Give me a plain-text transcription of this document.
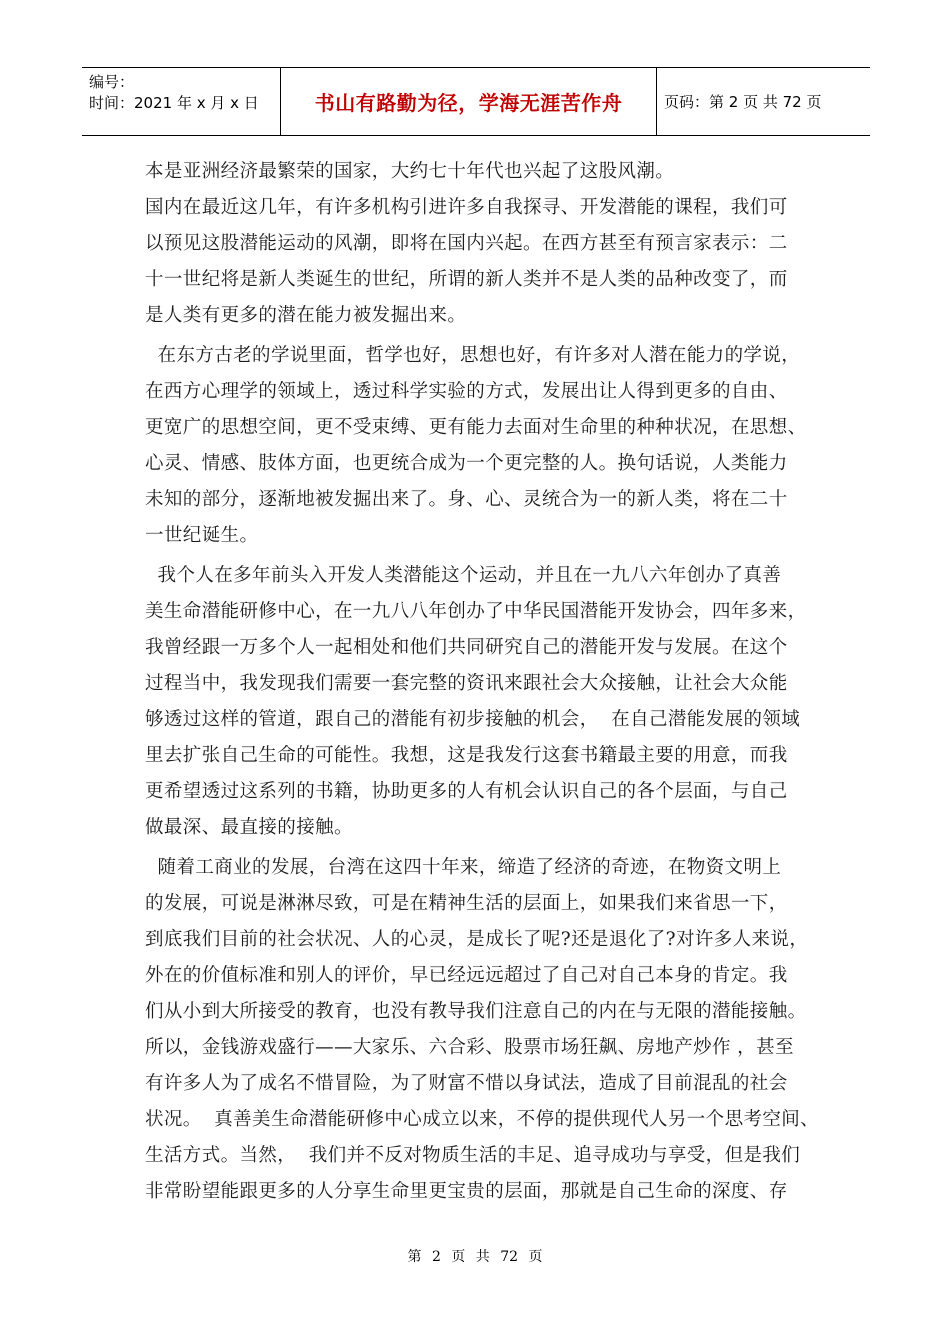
编号：
时间：2021 年 x 月 x 日	书山有路勤为径，学海无涯苦作舟	页码：第 2 页 共 72 页
本是亚洲经济最繁荣的国家，大约七十年代也兴起了这股风潮。
国内在最近这几年，有许多机构引进许多自我探寻、开发潜能的课程，我们可
以预见这股潜能运动的风潮，即将在国内兴起。在西方甚至有预言家表示：二
十一世纪将是新人类诞生的世纪，所谓的新人类并不是人类的品种改变了，而
是人类有更多的潜在能力被发掘出来。
在东方古老的学说里面，哲学也好，思想也好，有许多对人潜在能力的学说，
在西方心理学的领域上，透过科学实验的方式，发展出让人得到更多的自由、
更宽广的思想空间，更不受束缚、更有能力去面对生命里的种种状况，在思想、
心灵、情感、肢体方面，也更统合成为一个更完整的人。换句话说，人类能力
未知的部分，逐渐地被发掘出来了。身、心、灵统合为一的新人类，将在二十
一世纪诞生。
我个人在多年前头入开发人类潜能这个运动，并且在一九八六年创办了真善
美生命潜能研修中心，在一九八八年创办了中华民国潜能开发协会，四年多来，
我曾经跟一万多个人一起相处和他们共同研究自己的潜能开发与发展。在这个
过程当中，我发现我们需要一套完整的资讯来跟社会大众接触，让社会大众能
够透过这样的管道，跟自己的潜能有初步接触的机会，  在自己潜能发展的领域
里去扩张自己生命的可能性。我想，这是我发行这套书籍最主要的用意，而我
更希望透过这系列的书籍，协助更多的人有机会认识自己的各个层面，与自己
做最深、最直接的接触。
随着工商业的发展，台湾在这四十年来，缔造了经济的奇迹，在物资文明上
的发展，可说是淋淋尽致，可是在精神生活的层面上，如果我们来省思一下，
到底我们目前的社会状况、人的心灵，是成长了呢?还是退化了?对许多人来说，
外在的价值标准和别人的评价，早已经远远超过了自己对自己本身的肯定。我
们从小到大所接受的教育，也没有教导我们注意自己的内在与无限的潜能接触。
所以，金钱游戏盛行——大家乐、六合彩、股票市场狂飙、房地产炒作 ，甚至
有许多人为了成名不惜冒险，为了财富不惜以身试法，造成了目前混乱的社会
状况。  真善美生命潜能研修中心成立以来，不停的提供现代人另一个思考空间、
生活方式。当然，  我们并不反对物质生活的丰足、追寻成功与享受，但是我们
非常盼望能跟更多的人分享生命里更宝贵的层面，那就是自己生命的深度、存
第 2 页 共 72 页
